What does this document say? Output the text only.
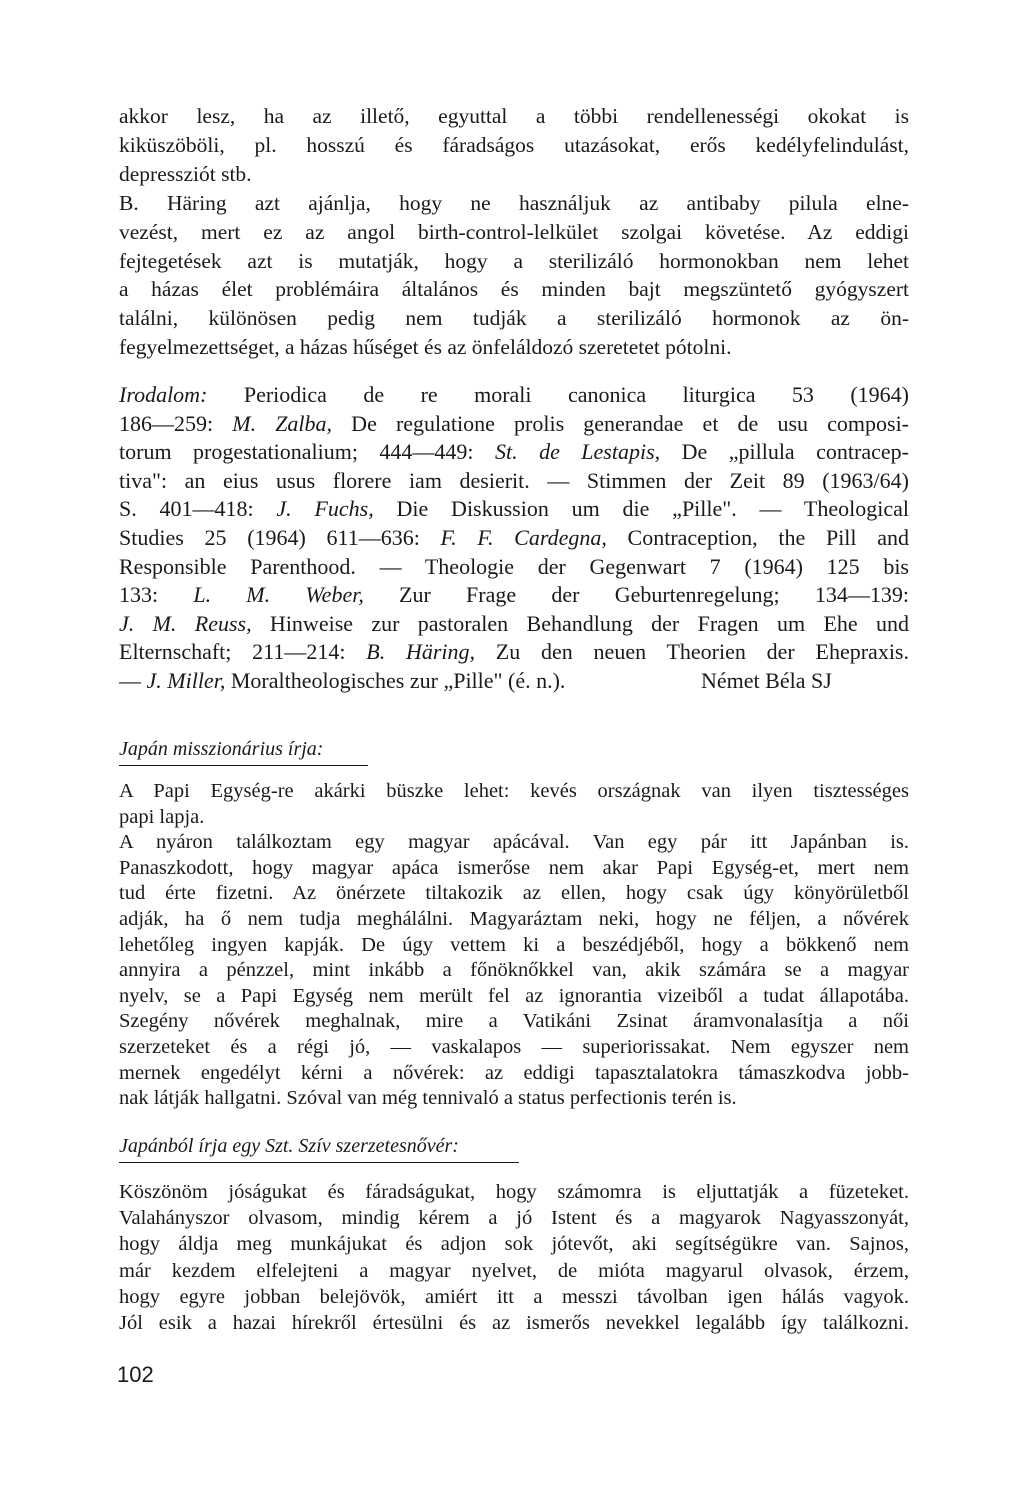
akkor lesz, ha az illető, egyuttal a többi rendellenességi okokat is
kiküszöböli, pl. hosszú és fáradságos utazásokat, erős kedélyfelindulást,
depressziót stb.
B. Häring azt ajánlja, hogy ne használjuk az antibaby pilula elne-
vezést, mert ez az angol birth-control-lelkület szolgai követése. Az eddigi
fejtegetések azt is mutatják, hogy a sterilizáló hormonokban nem lehet
a házas élet problémáira általános és minden bajt megszüntető gyógyszert
találni, különösen pedig nem tudják a sterilizáló hormonok az ön-
fegyelmezettséget, a házas hűséget és az önfeláldozó szeretetet pótolni.
Irodalom: Periodica de re morali canonica liturgica 53 (1964)
186—259: M. Zalba, De regulatione prolis generandae et de usu composi-
torum progestationalium; 444—449: St. de Lestapis, De „pillula contracep-
tiva": an eius usus florere iam desierit. — Stimmen der Zeit 89 (1963/64)
S. 401—418: J. Fuchs, Die Diskussion um die „Pille". — Theological
Studies 25 (1964) 611—636: F. F. Cardegna, Contraception, the Pill and
Responsible Parenthood. — Theologie der Gegenwart 7 (1964) 125 bis
133: L. M. Weber, Zur Frage der Geburtenregelung; 134—139:
J. M. Reuss, Hinweise zur pastoralen Behandlung der Fragen um Ehe und
Elternschaft; 211—214: B. Häring, Zu den neuen Theorien der Ehepraxis.
— J. Miller, Moraltheologisches zur „Pille" (é. n.).	Német Béla SJ
Japán misszionárius írja:
A Papi Egység-re akárki büszke lehet: kevés országnak van ilyen tisztességes
papi lapja.
A nyáron találkoztam egy magyar apácával. Van egy pár itt Japánban is.
Panaszkodott, hogy magyar apáca ismerőse nem akar Papi Egység-et, mert nem
tud érte fizetni. Az önérzete tiltakozik az ellen, hogy csak úgy könyörületből
adják, ha ő nem tudja meghálálni. Magyaráztam neki, hogy ne féljen, a nővérek
lehetőleg ingyen kapják. De úgy vettem ki a beszédjéből, hogy a bökkenő nem
annyira a pénzzel, mint inkább a főnöknőkkel van, akik számára se a magyar
nyelv, se a Papi Egység nem merült fel az ignorantia vizeiből a tudat állapotába.
Szegény nővérek meghalnak, mire a Vatikáni Zsinat áramvonalasítja a női
szerzeteket és a régi jó, — vaskalapos — superiorissakat. Nem egyszer nem
mernek engedélyt kérni a nővérek: az eddigi tapasztalatokra támaszkodva jobb-
nak látják hallgatni. Szóval van még tennivaló a status perfectionis terén is.
Japánból írja egy Szt. Szív szerzetesnővér:
Köszönöm jóságukat és fáradságukat, hogy számomra is eljuttatják a füzeteket.
Valahányszor olvasom, mindig kérem a jó Istent és a magyarok Nagyasszonyát,
hogy áldja meg munkájukat és adjon sok jótevőt, aki segítségükre van. Sajnos,
már kezdem elfelejteni a magyar nyelvet, de mióta magyarul olvasok, érzem,
hogy egyre jobban belejövök, amiért itt a messzi távolban igen hálás vagyok.
Jól esik a hazai hírekről értesülni és az ismerős nevekkel legalább így találkozni.
102
